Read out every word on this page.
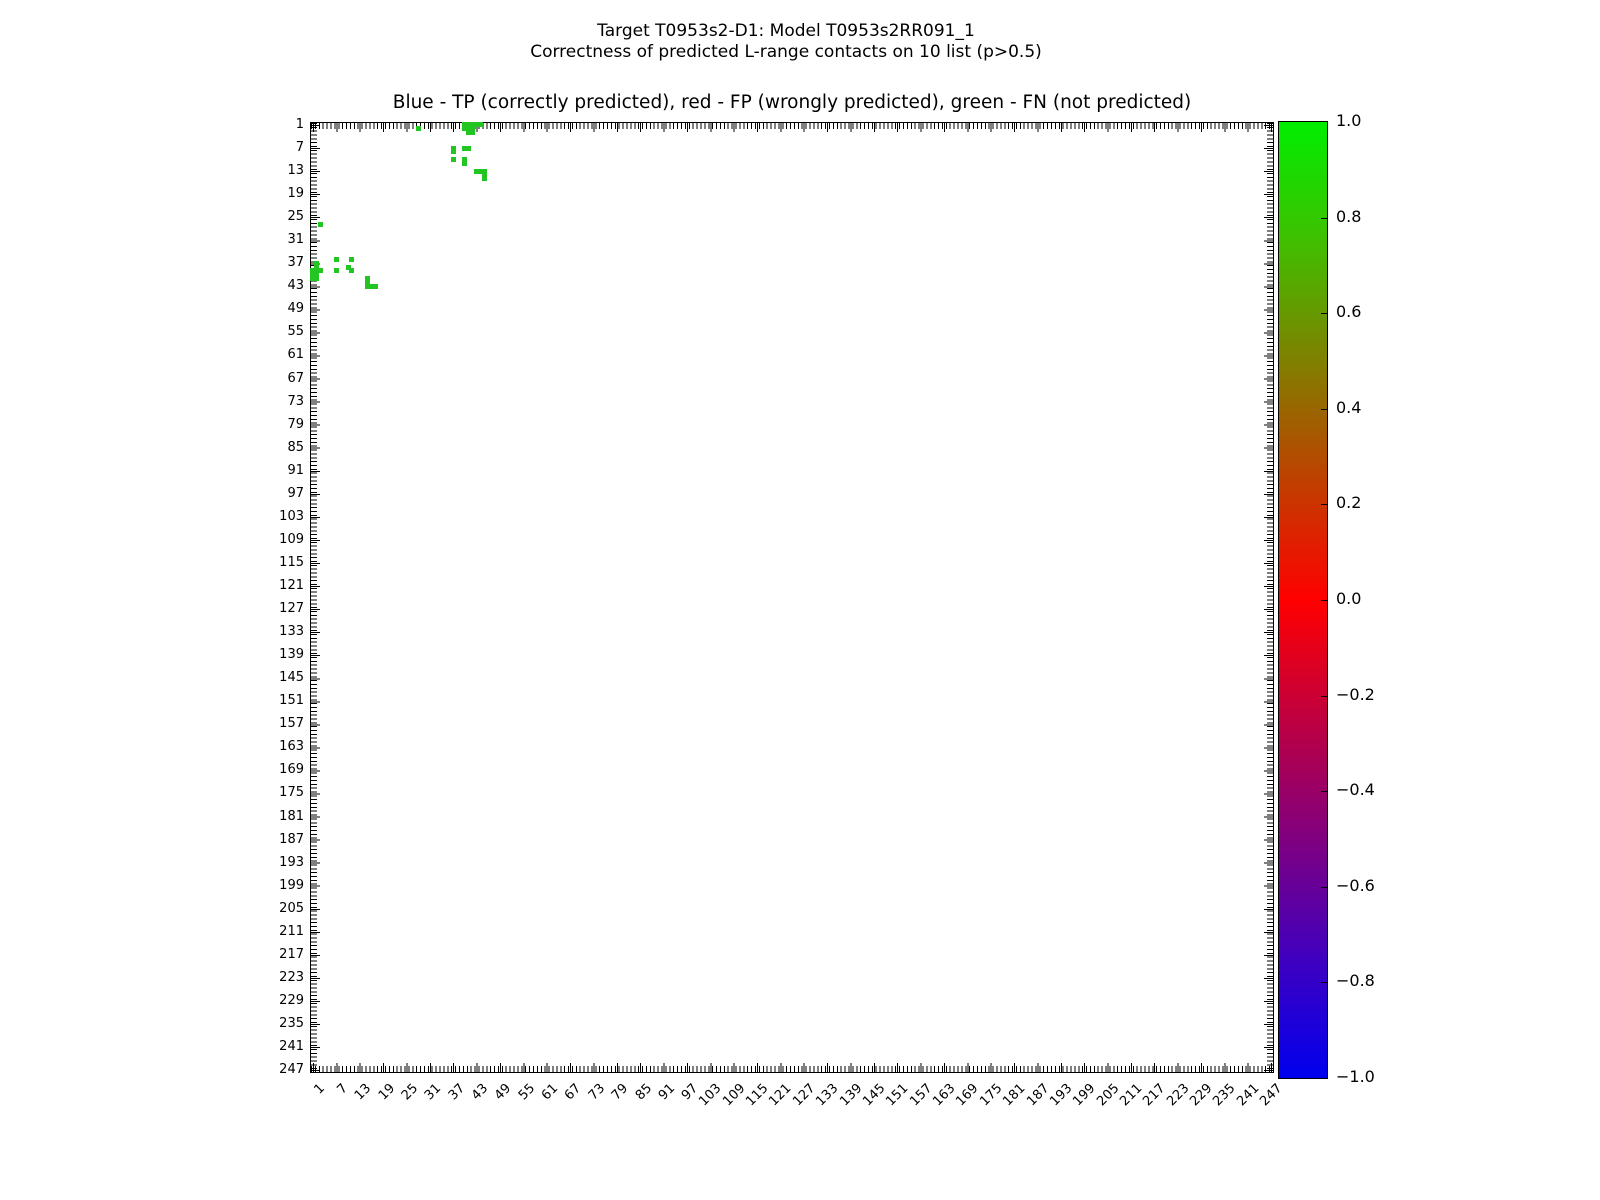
Target T0953s2-D1: Model T0953s2RR091_1
Correctness of predicted L-range contacts on 10 list (p>0.5)
Blue - TP (correctly predicted), red - FP (wrongly predicted), green - FN (not predicted)
1
7
13
19
25
31
37
43
49
55
61
67
73
79
85
91
97
103
109
115
121
127
133
139
145
151
157
163
169
175
181
187
193
199
205
211
217
223
229
235
241
247
1 7 13 19 25 31 37 43 49 55 61 67 73 79 85 91 97
103
109
115
121
127
133
139
145
151
157
163
169
175
181
187
193
199
205
211
217
223
229
235
241
247
1.0
0.8
0.6
0.4
0.2
0.0
−0.2
−0.4
−0.6
−0.8
−1.0
